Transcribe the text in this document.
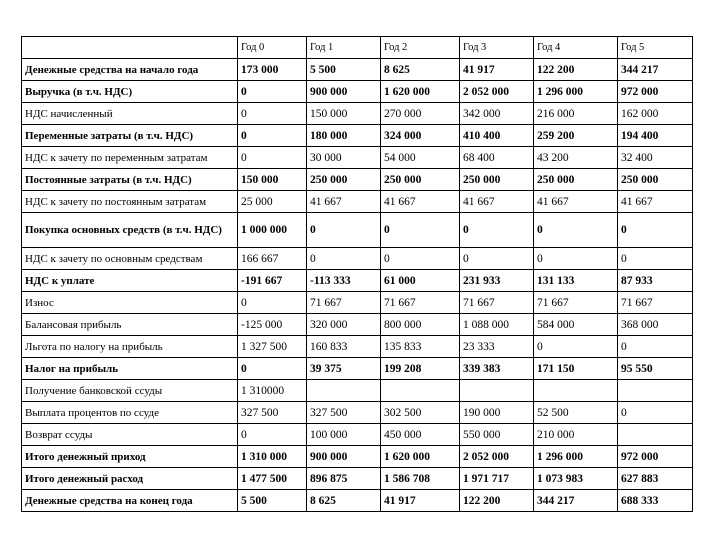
	Год 0	Год 1	Год 2	Год 3	Год 4	Год 5
Денежные средства на начало года	173 000	5 500	8 625	41 917	122 200	344 217
Выручка (в т.ч. НДС)	0	900 000	1 620 000	2 052 000	1 296 000	972 000
НДС начисленный	0	150 000	270 000	342 000	216 000	162 000
Переменные затраты (в т.ч. НДС)	0	180 000	324 000	410 400	259 200	194 400
НДС к зачету по переменным затратам	0	30 000	54 000	68 400	43 200	32 400
Постоянные затраты (в т.ч. НДС)	150 000	250 000	250 000	250 000	250 000	250 000
НДС к зачету по постоянным затратам	25 000	41 667	41 667	41 667	41 667	41 667
Покупка основных средств (в т.ч. НДС)	1 000 000	0	0	0	0	0
НДС к зачету по основным средствам	166 667	0	0	0	0	0
НДС к уплате	-191 667	-113 333	61 000	231 933	131 133	87 933
Износ	0	71 667	71 667	71 667	71 667	71 667
Балансовая прибыль	-125 000	320 000	800 000	1 088 000	584 000	368 000
Льгота по налогу на прибыль	1 327 500	160 833	135 833	23 333	0	0
Налог на прибыль	0	39 375	199 208	339 383	171 150	95 550
Получение банковской ссуды	1 310000					
Выплата процентов по ссуде	327 500	327 500	302 500	190 000	52 500	0
Возврат ссуды	0	100 000	450 000	550 000	210 000	
Итого денежный приход	1 310 000	900 000	1 620 000	2 052 000	1 296 000	972 000
Итого денежный расход	1 477 500	896 875	1 586 708	1 971 717	1 073 983	627 883
Денежные средства на конец года	5 500	8 625	41 917	122 200	344 217	688 333
